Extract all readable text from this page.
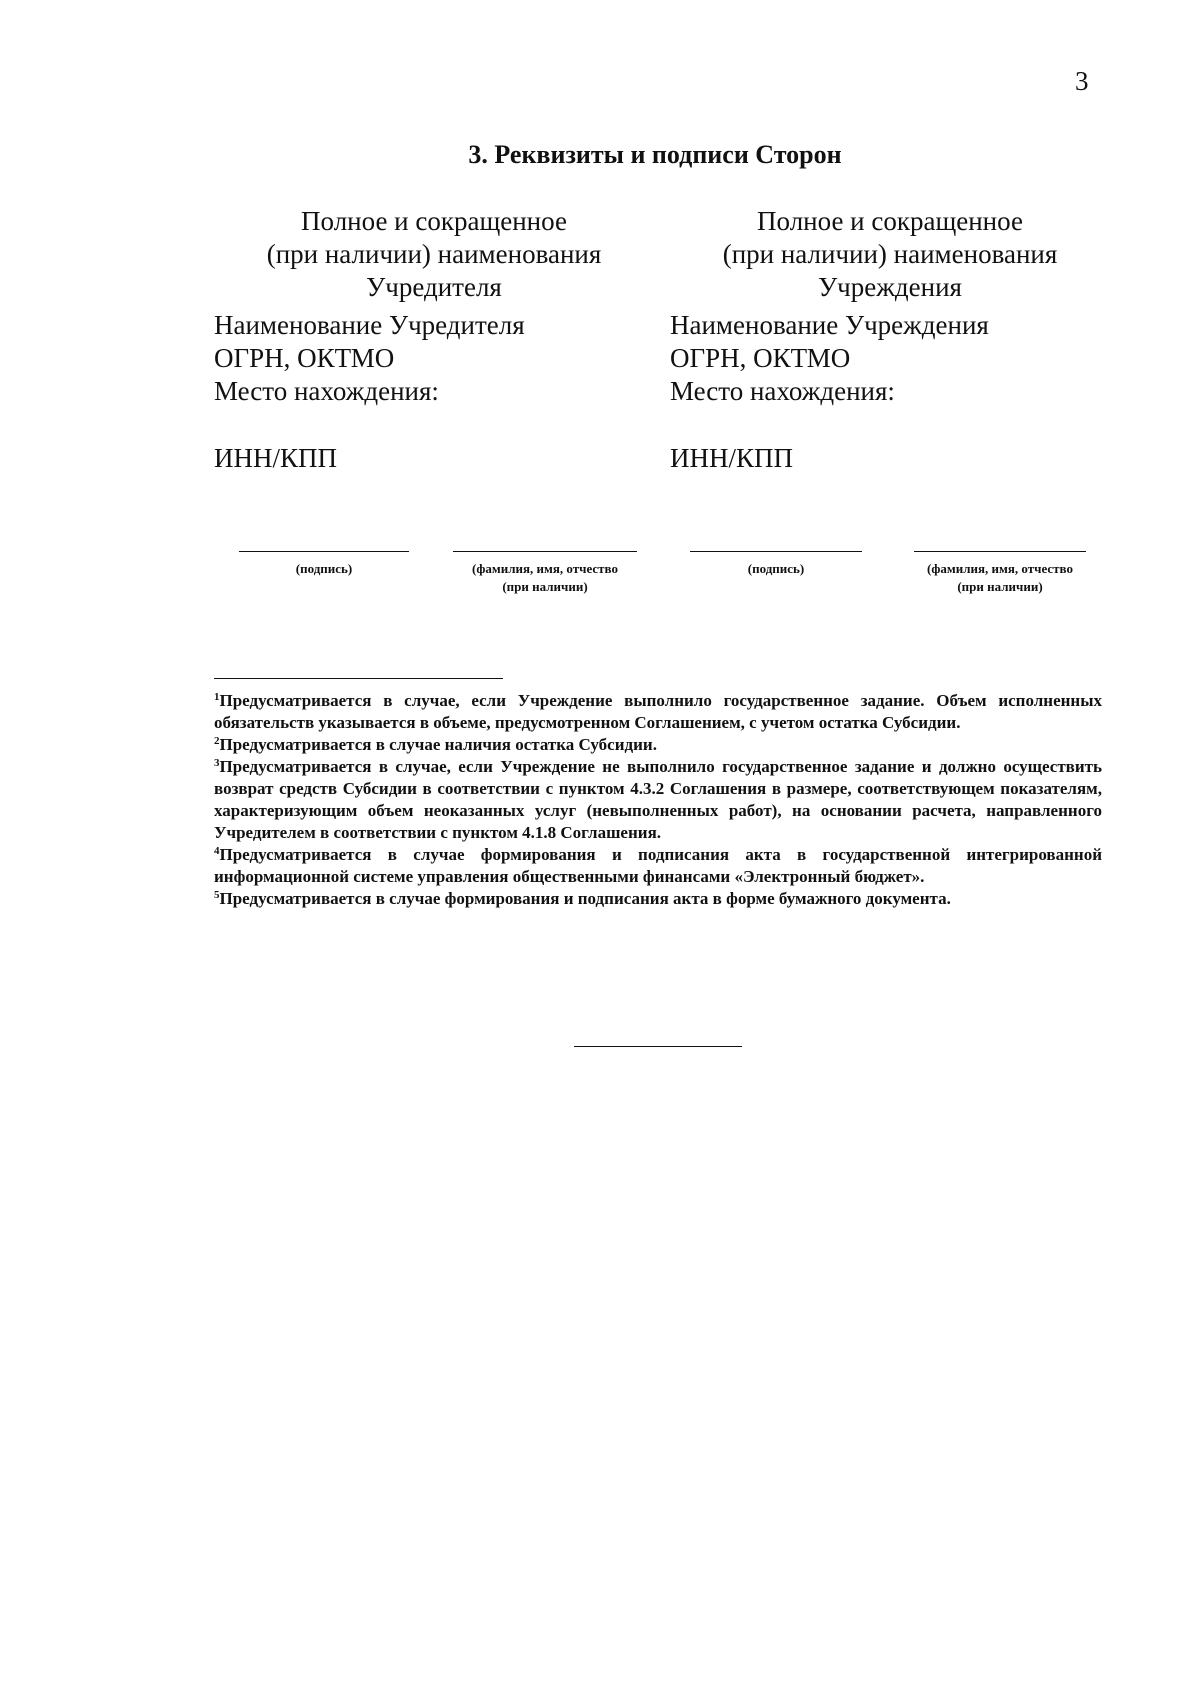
3
3. Реквизиты и подписи Сторон
Полное и сокращенное
(при наличии) наименования
Учредителя
Наименование Учредителя
ОГРН, ОКТМО
Место нахождения:
ИНН/КПП
Полное и сокращенное
(при наличии) наименования
Учреждения
Наименование Учреждения
ОГРН, ОКТМО
Место нахождения:
ИНН/КПП
(подпись)	(фамилия, имя, отчество
(при наличии)
(подпись)	(фамилия, имя, отчество
(при наличии)
$^1$Предусматривается в случае, если Учреждение выполнило государственное задание. Объем исполненных обязательств указывается в объеме, предусмотренном Соглашением, с учетом остатка Субсидии.
$^2$Предусматривается в случае наличия остатка Субсидии.
$^3$Предусматривается в случае, если Учреждение не выполнило государственное задание и должно осуществить возврат средств Субсидии в соответствии с пунктом 4.3.2 Соглашения в размере, соответствующем показателям, характеризующим объем неоказанных услуг (невыполненных работ), на основании расчета, направленного Учредителем в соответствии с пунктом 4.1.8 Соглашения.
$^4$Предусматривается в случае формирования и подписания акта в государственной интегрированной информационной системе управления общественными финансами «Электронный бюджет».
$^5$Предусматривается в случае формирования и подписания акта в форме бумажного документа.
